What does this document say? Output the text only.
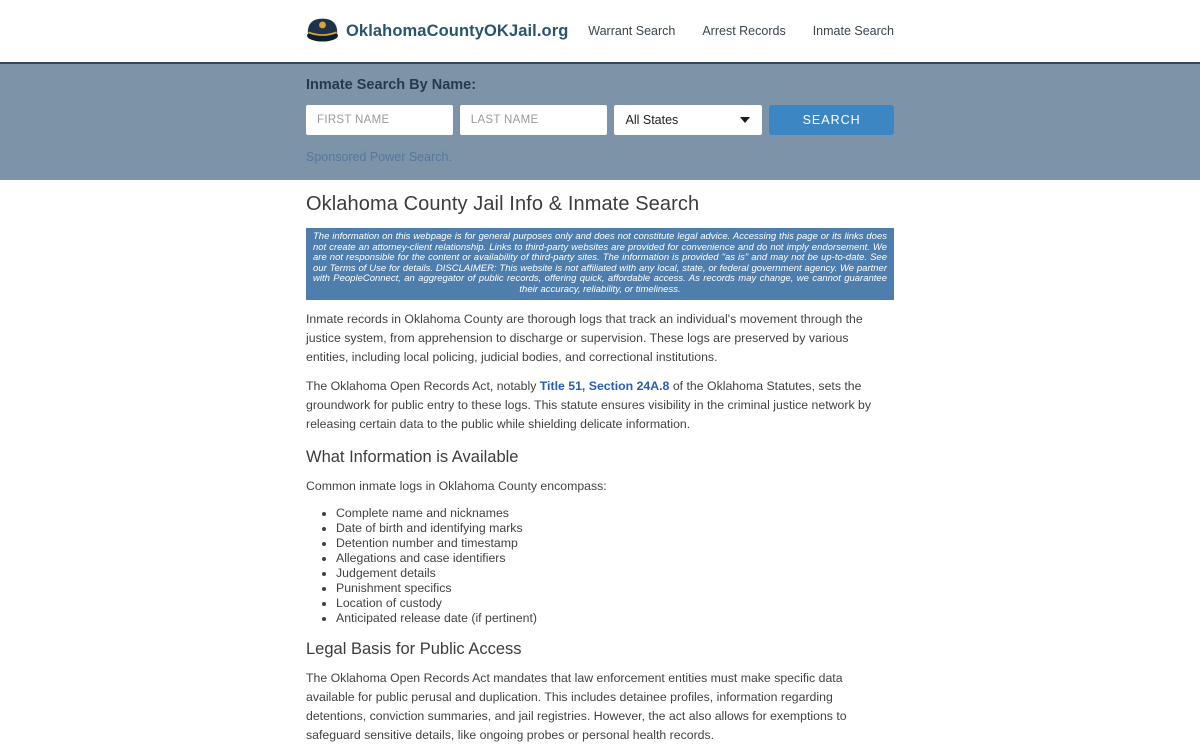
OklahomaCountyOKJail.org Warrant Search Arrest Records Inmate Search
Inmate Search By Name:
FIRST NAME
LAST NAME
All States	SEARCH
Sponsored Power Search.
Oklahoma County Jail Info & Inmate Search
The information on this webpage is for general purposes only and does not constitute legal advice. Accessing this page or its links does not create an attorney-client relationship. Links to third-party websites are provided for convenience and do not imply endorsement. We are not responsible for the content or availability of third-party sites. The information is provided "as is" and may not be up-to-date. See our Terms of Use for details. DISCLAIMER: This website is not affiliated with any local, state, or federal government agency. We partner with PeopleConnect, an aggregator of public records, offering quick, affordable access. As records may change, we cannot guarantee their accuracy, reliability, or timeliness.

Inmate records in Oklahoma County are thorough logs that track an individual's movement through the justice system, from apprehension to discharge or supervision. These logs are preserved by various entities, including local policing, judicial bodies, and correctional institutions.

The Oklahoma Open Records Act, notably Title 51, Section 24A.8 of the Oklahoma Statutes, sets the groundwork for public entry to these logs. This statute ensures visibility in the criminal justice network by releasing certain data to the public while shielding delicate information.

What Information is Available

Common inmate logs in Oklahoma County encompass:

• Complete name and nicknames
• Date of birth and identifying marks
• Detention number and timestamp
• Allegations and case identifiers
• Judgement details
• Punishment specifics
• Location of custody
• Anticipated release date (if pertinent)
Legal Basis for Public Access

The Oklahoma Open Records Act mandates that law enforcement entities must make specific data available for public perusal and duplication. This includes detainee profiles, information regarding detentions, conviction summaries, and jail registries. However, the act also allows for exemptions to safeguard sensitive details, like ongoing probes or personal health records.
